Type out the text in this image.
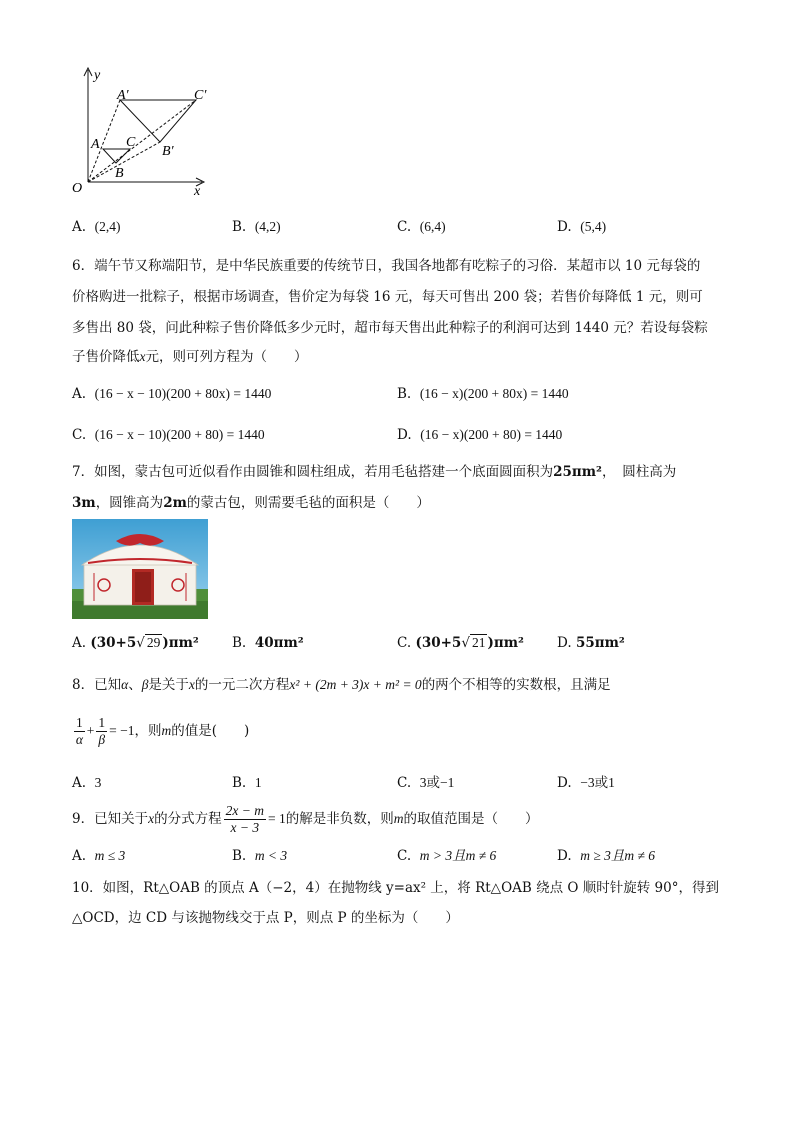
y
x
O
A C
B
A′	C′
B′
A. (2,4)	B. (4,2)	C. (6,4)	D. (5,4)
6．端午节又称端阳节，是中华民族重要的传统节日，我国各地都有吃粽子的习俗．某超市以 10 元每袋的
价格购进一批粽子，根据市场调查，售价定为每袋 16 元，每天可售出 200 袋；若售价每降低 1 元，则可
多售出 80 袋，问此种粽子售价降低多少元时，超市每天售出此种粽子的利润可达到 1440 元？若设每袋粽
子售价降低x元，则可列方程为（　　）
A. (16 − x − 10)(200 + 80x) = 1440	B. (16 − x)(200 + 80x) = 1440
C. (16 − x − 10)(200 + 80) = 1440	D. (16 − x)(200 + 80) = 1440
7．如图，蒙古包可近似看作由圆锥和圆柱组成，若用毛毡搭建一个底面圆面积为25πm²，　圆柱高为
3m，圆锥高为2m的蒙古包，则需要毛毡的面积是（　　）
A. (30+5√ 29 )πm² B. 40πm²	C. (30+5√ 21 )πm² D. 55πm²
8．已知α、β是关于x的一元二次方程x² + (2m + 3)x + m² = 0的两个不相等的实数根，且满足
$\frac{1}{\alpha} + \frac{1}{\beta} = -1$，则m的值是(　　)
A. 3	B. 1	C. 3或−1	D. −3或1
9．已知关于x的分式方程 $\frac{2x - m}{x - 3} = 1$的解是非负数，则m的取值范围是（　　）
A. m ≤ 3	B. m < 3	C. m > 3且m ≠ 6	D. m ≥ 3且m ≠ 6
10．如图，Rt△OAB 的顶点 A（−2，4）在抛物线 y=ax² 上，将 Rt△OAB 绕点 O 顺时针旋转 90°，得到
△OCD，边 CD 与该抛物线交于点 P，则点 P 的坐标为（　　）
